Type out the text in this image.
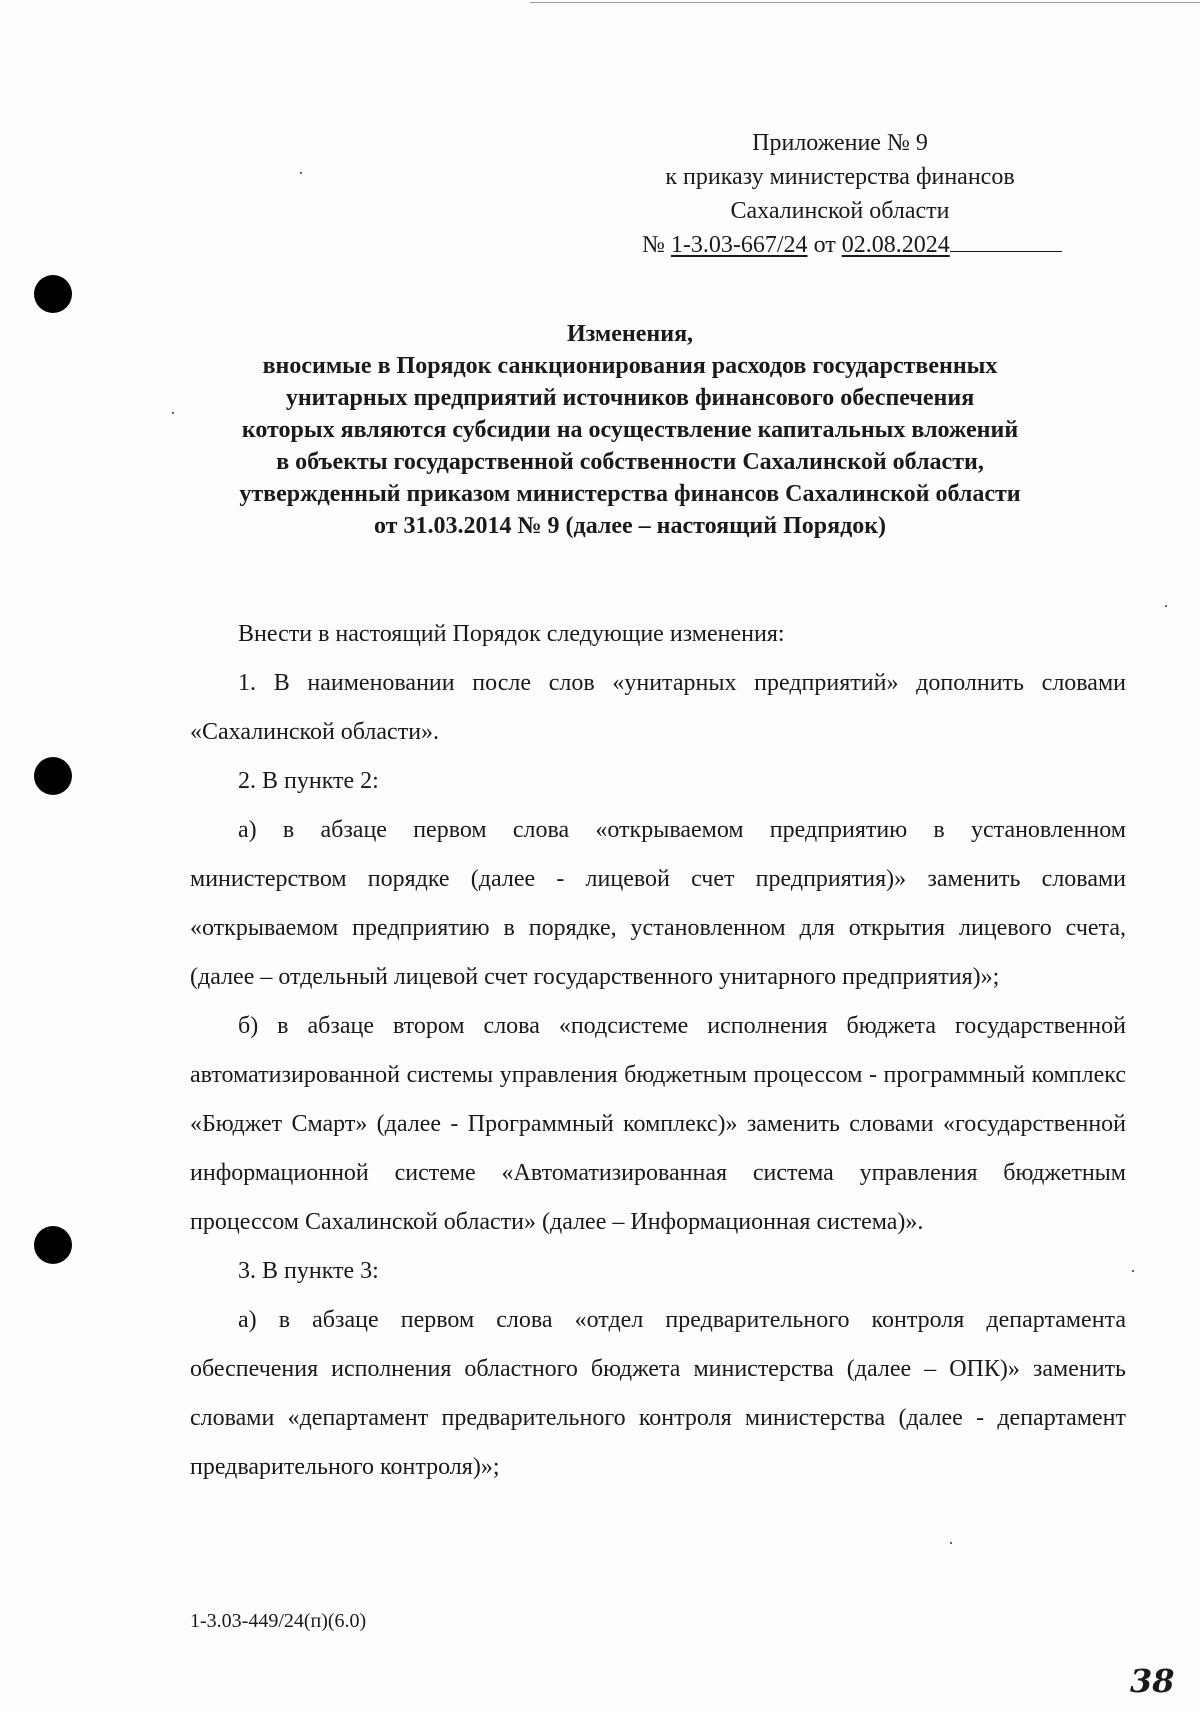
Приложение № 9
к приказу министерства финансов
Сахалинской области
№ 1-3.03-667/24 от 02.08.2024
Изменения,
вносимые в Порядок санкционирования расходов государственных
унитарных предприятий источников финансового обеспечения
которых являются субсидии на осуществление капитальных вложений
в объекты государственной собственности Сахалинской области,
утвержденный приказом министерства финансов Сахалинской области
от 31.03.2014 № 9 (далее – настоящий Порядок)

Внести в настоящий Порядок следующие изменения:

1. В наименовании после слов «унитарных предприятий» дополнить словами «Сахалинской области».

2. В пункте 2:

а) в абзаце первом слова «открываемом предприятию в установленном министерством порядке (далее - лицевой счет предприятия)» заменить словами «открываемом предприятию в порядке, установленном для открытия лицевого счета, (далее – отдельный лицевой счет государственного унитарного предприятия)»;

б) в абзаце втором слова «подсистеме исполнения бюджета государственной автоматизированной системы управления бюджетным процессом - программный комплекс «Бюджет Смарт» (далее - Программный комплекс)» заменить словами «государственной информационной системе «Автоматизированная система управления бюджетным процессом Сахалинской области» (далее – Информационная система)».

3. В пункте 3:

а) в абзаце первом слова «отдел предварительного контроля департамента обеспечения исполнения областного бюджета министерства (далее – ОПК)» заменить словами «департамент предварительного контроля министерства (далее - департамент предварительного контроля)»;

1-3.03-449/24(п)(6.0)
38
